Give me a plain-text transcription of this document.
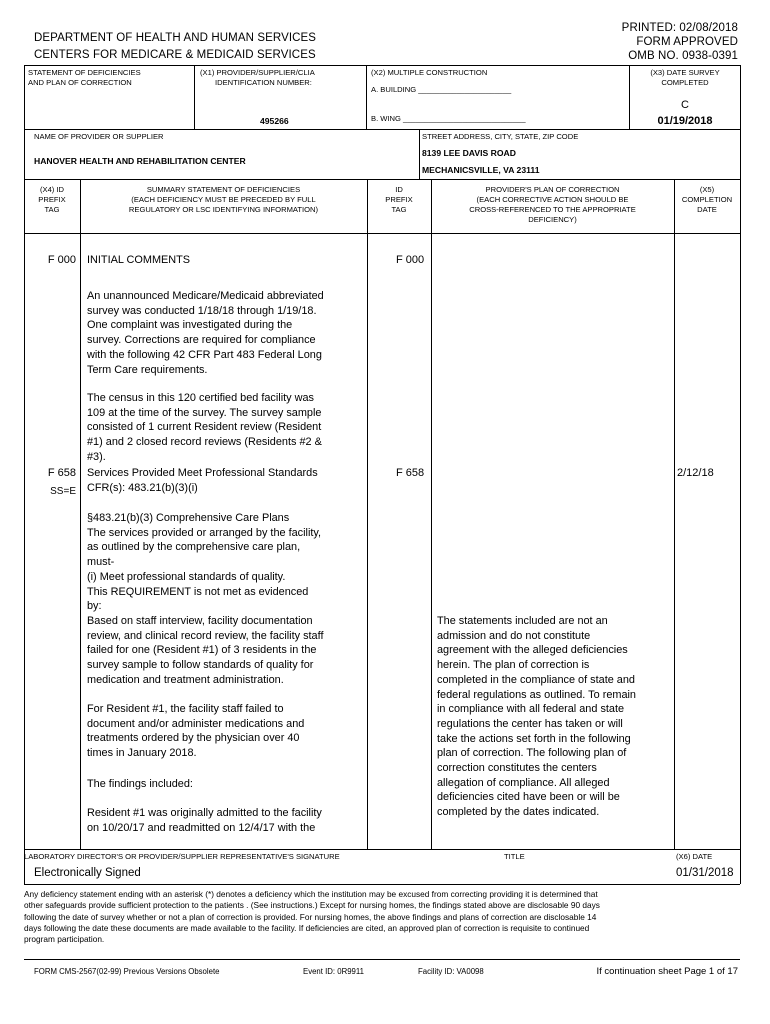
DEPARTMENT OF HEALTH AND HUMAN SERVICES
CENTERS FOR MEDICARE & MEDICAID SERVICES
PRINTED: 02/08/2018
FORM APPROVED
OMB NO. 0938-0391
STATEMENT OF DEFICIENCIES
AND PLAN OF CORRECTION
(X1) PROVIDER/SUPPLIER/CLIA
IDENTIFICATION NUMBER:
495266
(X2) MULTIPLE CONSTRUCTION
A. BUILDING ______________________
B. WING _____________________________
(X3) DATE SURVEY
COMPLETED
C
01/19/2018
NAME OF PROVIDER OR SUPPLIER
HANOVER HEALTH AND REHABILITATION CENTER
STREET ADDRESS, CITY, STATE, ZIP CODE
8139 LEE DAVIS ROAD
MECHANICSVILLE, VA 23111
(X4) ID
PREFIX
TAG
SUMMARY STATEMENT OF DEFICIENCIES
(EACH DEFICIENCY MUST BE PRECEDED BY FULL
REGULATORY OR LSC IDENTIFYING INFORMATION)
ID
PREFIX
TAG
PROVIDER'S PLAN OF CORRECTION
(EACH CORRECTIVE ACTION SHOULD BE
CROSS-REFERENCED TO THE APPROPRIATE
DEFICIENCY)
(X5)
COMPLETION
DATE
F 000 INITIAL COMMENTS	F 000
An unannounced Medicare/Medicaid abbreviated
survey was conducted 1/18/18 through 1/19/18.
One complaint was investigated during the
survey. Corrections are required for compliance
with the following 42 CFR Part 483 Federal Long
Term Care requirements.
The census in this 120 certified bed facility was
109 at the time of the survey. The survey sample
consisted of 1 current Resident review (Resident
#1) and 2 closed record reviews (Residents #2 &
#3).
F 658
SS=E
Services Provided Meet Professional Standards
CFR(s): 483.21(b)(3)(i)
F 658	2/12/18
§483.21(b)(3) Comprehensive Care Plans
The services provided or arranged by the facility,
as outlined by the comprehensive care plan,
must-
(i) Meet professional standards of quality.
This REQUIREMENT is not met as evidenced
by:
Based on staff interview, facility documentation
review, and clinical record review, the facility staff
failed for one (Resident #1) of 3 residents in the
survey sample to follow standards of quality for
medication and treatment administration.
For Resident #1, the facility staff failed to
document and/or administer medications and
treatments ordered by the physician over 40
times in January 2018.
The findings included:
Resident #1 was originally admitted to the facility
on 10/20/17 and readmitted on 12/4/17 with the
The statements included are not an
admission and do not constitute
agreement with the alleged deficiencies
herein. The plan of correction is
completed in the compliance of state and
federal regulations as outlined. To remain
in compliance with all federal and state
regulations the center has taken or will
take the actions set forth in the following
plan of correction. The following plan of
correction constitutes the centers
allegation of compliance. All alleged
deficiencies cited have been or will be
completed by the dates indicated.
LABORATORY DIRECTOR'S OR PROVIDER/SUPPLIER REPRESENTATIVE'S SIGNATURE	TITLE	(X6) DATE
Electronically Signed	01/31/2018
Any deficiency statement ending with an asterisk (*) denotes a deficiency which the institution may be excused from correcting providing it is determined that
other safeguards provide sufficient protection to the patients . (See instructions.) Except for nursing homes, the findings stated above are disclosable 90 days
following the date of survey whether or not a plan of correction is provided. For nursing homes, the above findings and plans of correction are disclosable 14
days following the date these documents are made available to the facility. If deficiencies are cited, an approved plan of correction is requisite to continued
program participation.
FORM CMS-2567(02-99) Previous Versions Obsolete	Event ID: 0R9911	Facility ID: VA0098	If continuation sheet Page 1 of 17
